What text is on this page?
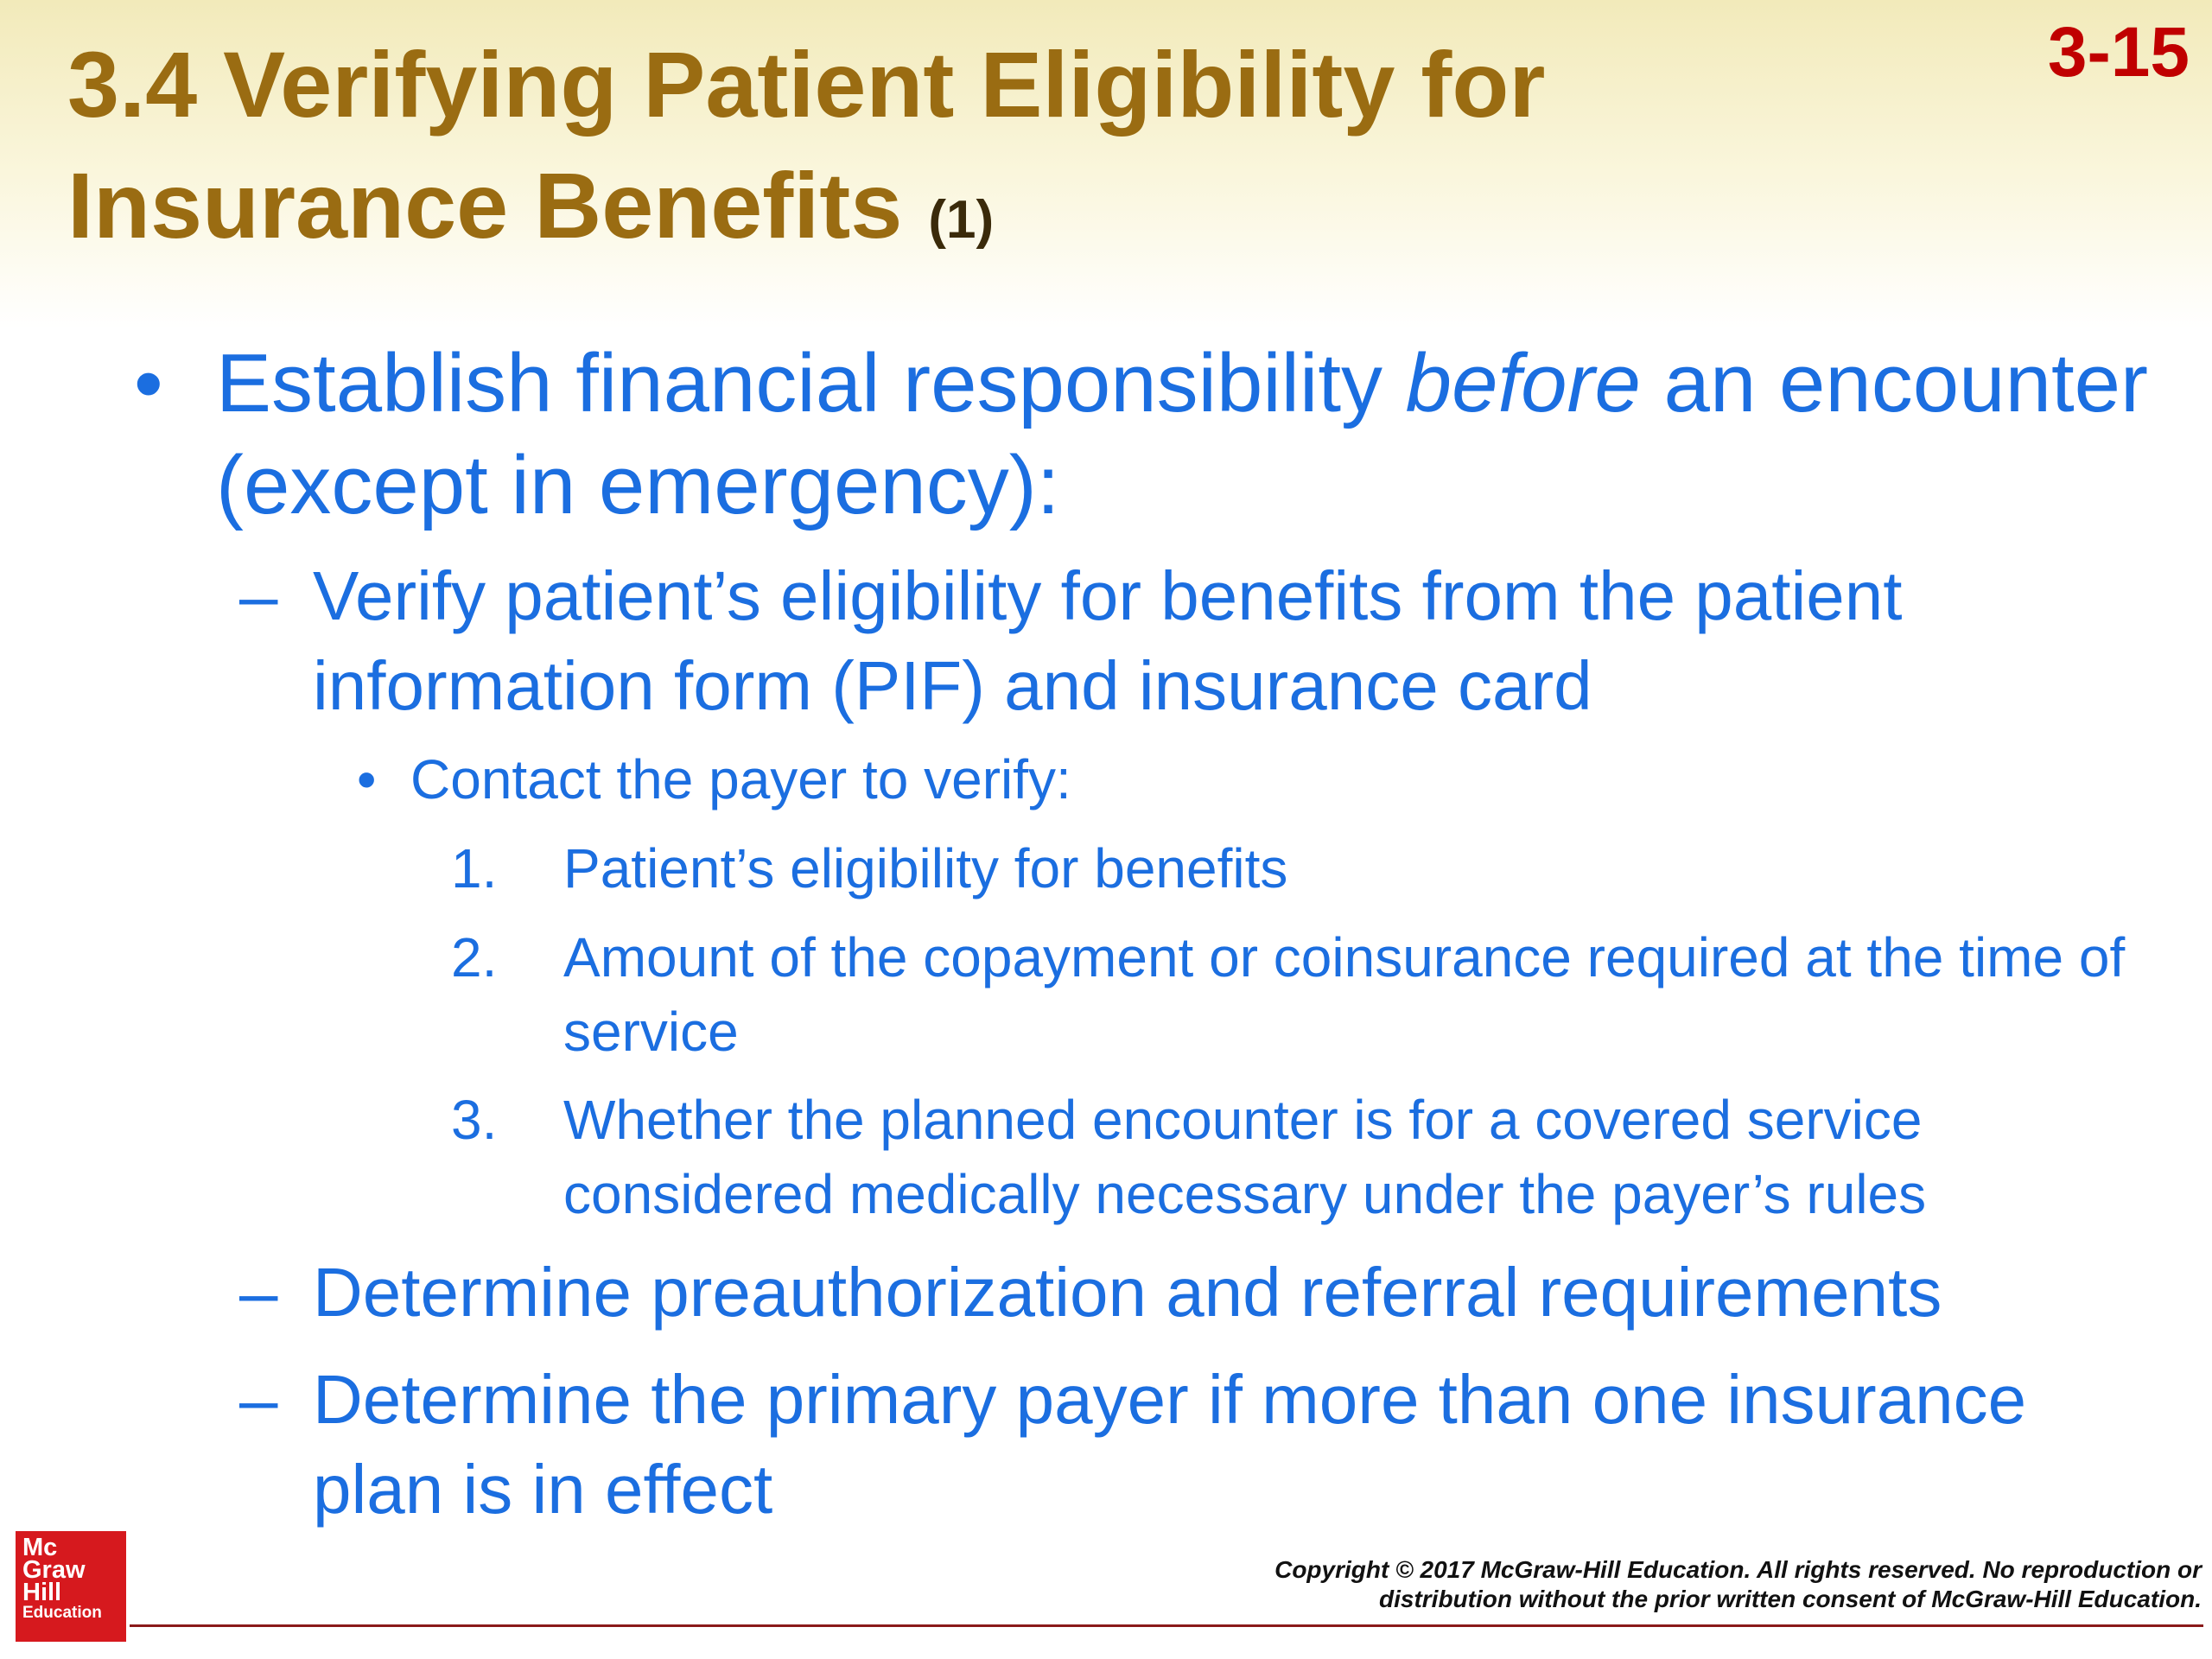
3.4 Verifying Patient Eligibility for Insurance Benefits (1)
3-15

• Establish financial responsibility before an encounter (except in emergency):

– Verify patient’s eligibility for benefits from the patient information form (PIF) and insurance card

• Contact the payer to verify:

1. Patient’s eligibility for benefits

2. Amount of the copayment or coinsurance required at the time of service

3. Whether the planned encounter is for a covered service considered medically necessary under the payer’s rules

– Determine preauthorization and referral requirements

– Determine the primary payer if more than one insurance plan is in effect

Mc
Graw
Hill
Education
Copyright © 2017 McGraw-Hill Education. All rights reserved. No reproduction or
distribution without the prior written consent of McGraw-Hill Education.
